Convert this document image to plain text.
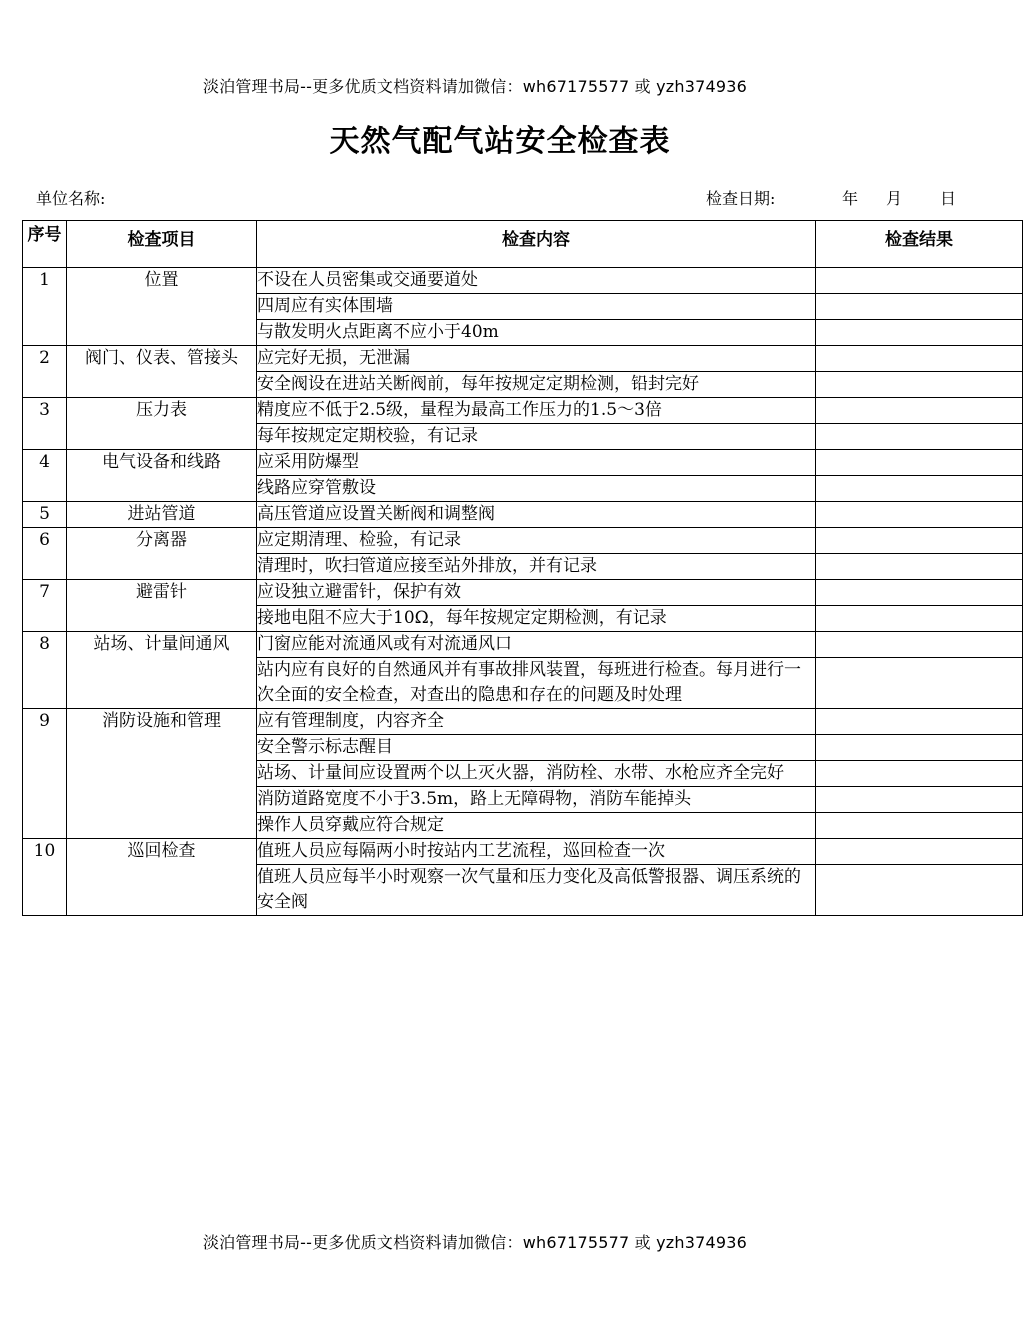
淡泊管理书局--更多优质文档资料请加微信：wh67175577 或 yzh374936
天然气配气站安全检查表
单位名称:	检查日期:	年 月 日
序号	检查项目	检查内容	检查结果
1	位置	不设在人员密集或交通要道处	
		四周应有实体围墙	
		与散发明火点距离不应小于40m	
2	阀门、仪表、管接头	应完好无损，无泄漏	
		安全阀设在进站关断阀前，每年按规定定期检测，铅封完好	
3	压力表	精度应不低于2.5级，量程为最高工作压力的1.5～3倍	
		每年按规定定期校验，有记录	
4	电气设备和线路	应采用防爆型	
		线路应穿管敷设	
5	进站管道	高压管道应设置关断阀和调整阀	
6	分离器	应定期清理、检验，有记录	
		清理时，吹扫管道应接至站外排放，并有记录	
7	避雷针	应设独立避雷针，保护有效	
		接地电阻不应大于10Ω，每年按规定定期检测，有记录	
8	站场、计量间通风	门窗应能对流通风或有对流通风口	
		站内应有良好的自然通风并有事故排风装置，每班进行检查。每月进行一次全面的安全检查，对查出的隐患和存在的问题及时处理	
9	消防设施和管理	应有管理制度，内容齐全	
		安全警示标志醒目	
		站场、计量间应设置两个以上灭火器，消防栓、水带、水枪应齐全完好	
		消防道路宽度不小于3.5m，路上无障碍物，消防车能掉头	
		操作人员穿戴应符合规定	
10	巡回检查	值班人员应每隔两小时按站内工艺流程，巡回检查一次	
		值班人员应每半小时观察一次气量和压力变化及高低警报器、调压系统的安全阀	
淡泊管理书局--更多优质文档资料请加微信：wh67175577 或 yzh374936
